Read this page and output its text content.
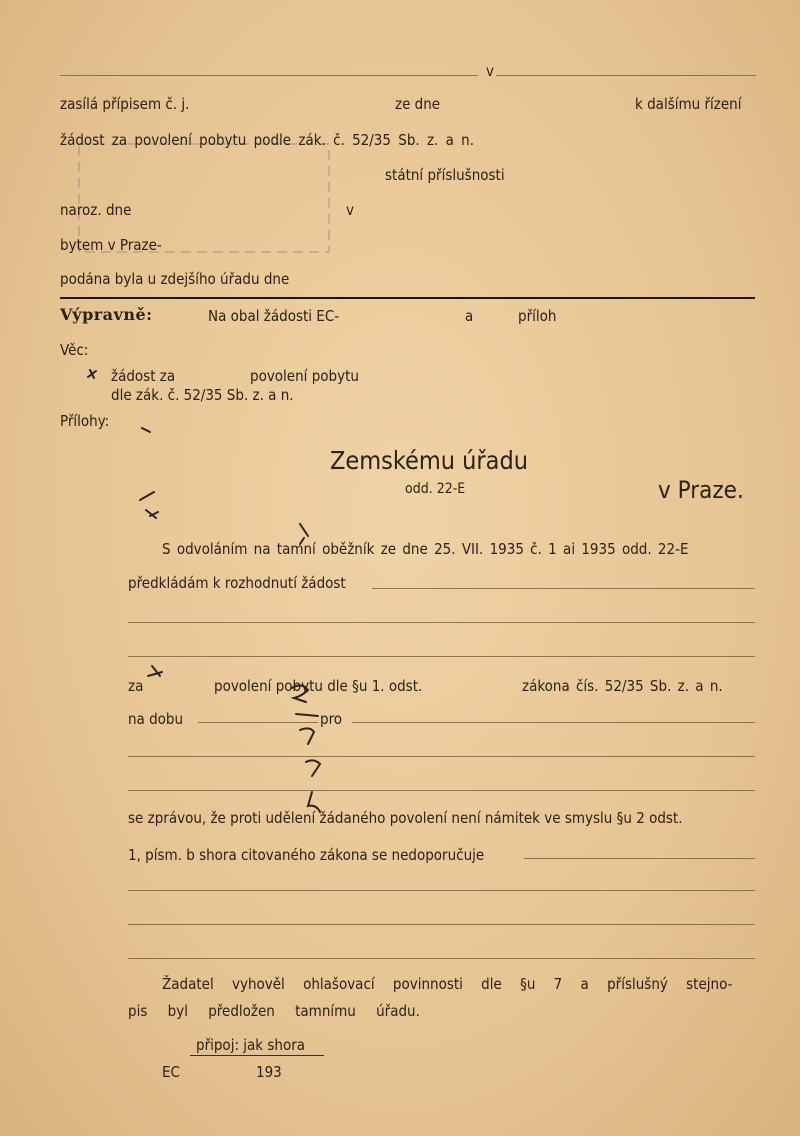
v
zasílá přípisem č. j.	ze dne	k dalšímu řízení
žádost za povolení pobytu podle zák. č. 52/35 Sb. z. a n.
státní příslušnosti
naroz. dne	v
bytem v Praze-
podána byla u zdejšího úřadu dne
Výpravně:	Na obal žádosti EC-	a	příloh
Věc:
žádost za	povolení pobytu
dle zák. č. 52/35 Sb. z. a n.
Přílohy:
Zemskému úřadu
odd. 22-E	v Praze.
S odvoláním na tamní oběžník ze dne 25. VII. 1935 č. 1 ai 1935 odd. 22-E
předkládám k rozhodnutí žádost
za	povolení pobytu dle §u 1. odst.	zákona čís. 52/35 Sb. z. a n.
na dobu	pro
se zprávou, že proti udělení žádaného povolení není námitek ve smyslu §u 2 odst.
1, písm. b shora citovaného zákona se nedoporučuje
Žadatel vyhověl ohlašovací povinnosti dle §u 7 a příslušný stejno-
pis byl předložen tamnímu úřadu.
připoj: jak shora
EC	193
